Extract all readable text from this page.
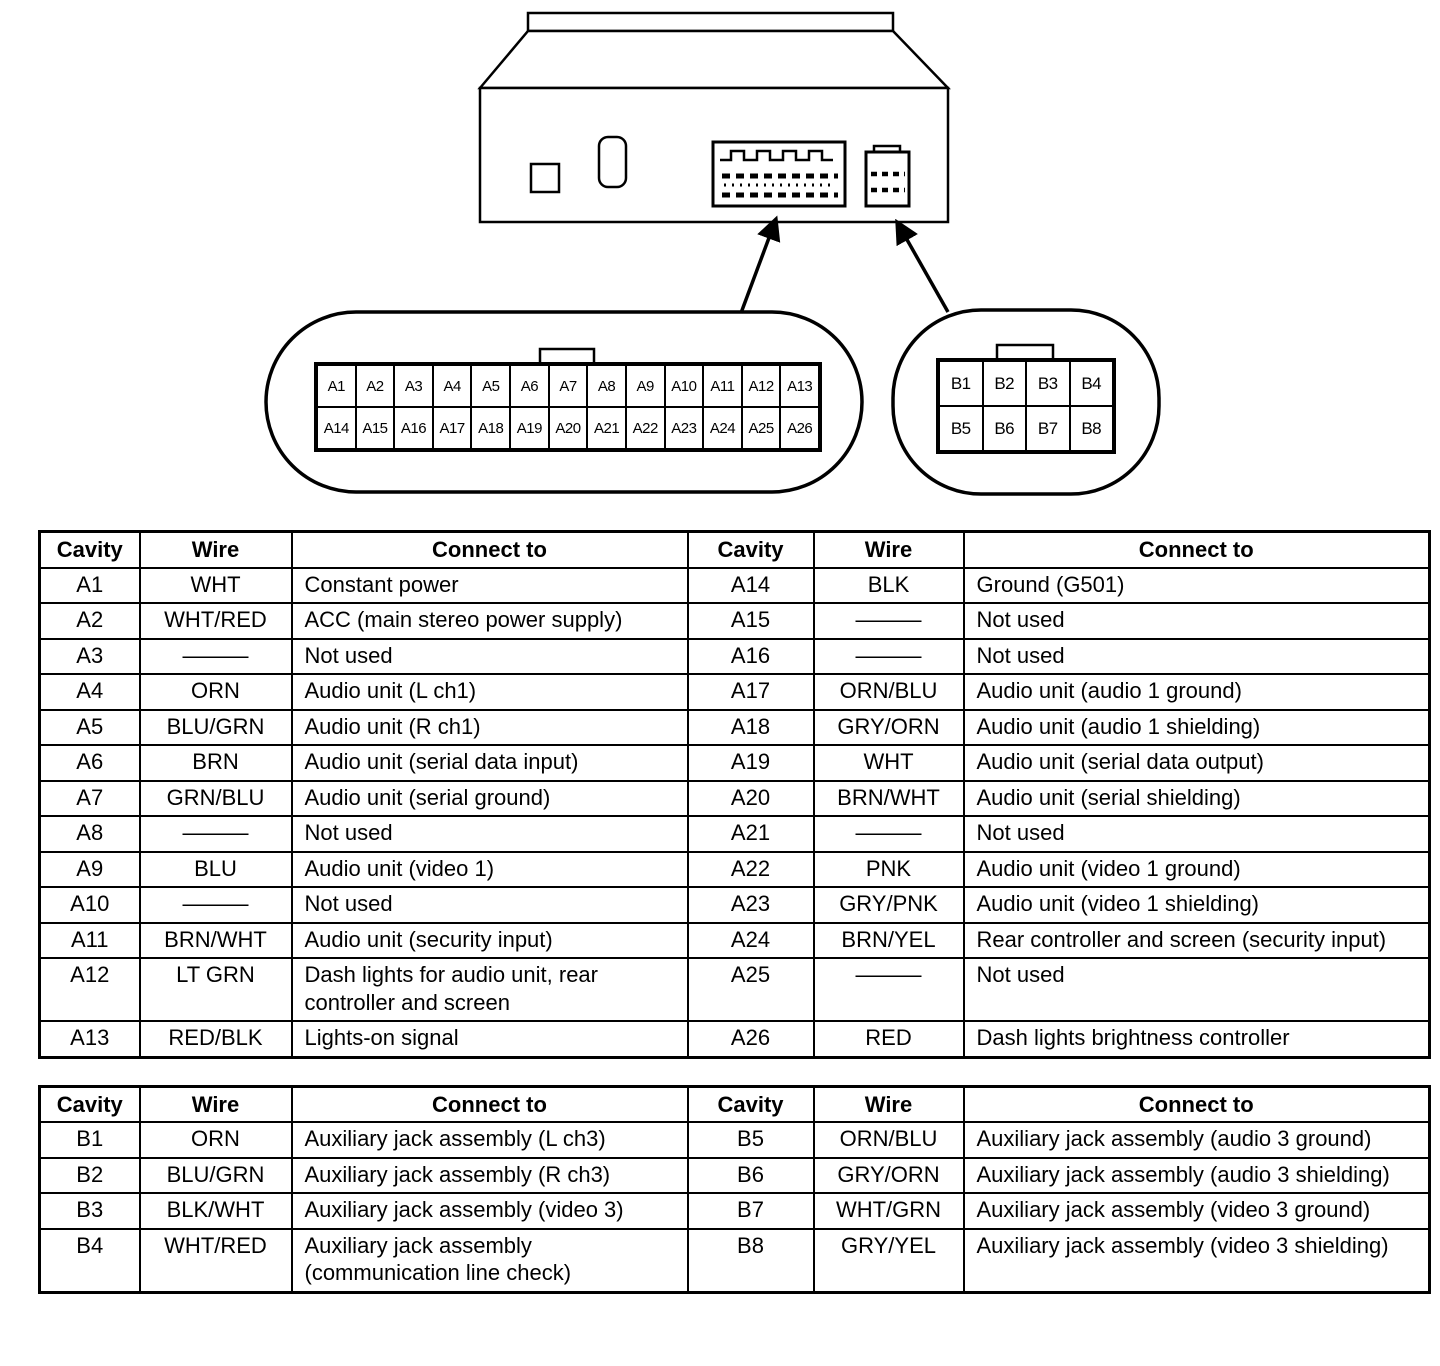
A1	A2	A3	A4	A5	A6	A7	A8	A9	A10 A11 A12 A13
A14 A15 A16 A17 A18 A19 A20 A21 A22 A23 A24 A25 A26
B1	B2	B3	B4
B5	B6	B7	B8
Cavity	Wire	Connect to	Cavity	Wire	Connect to
A1	WHT	Constant power	A14	BLK	Ground (G501)
A2	WHT/RED	ACC (main stereo power supply)	A15	———	Not used
A3	———	Not used	A16	———	Not used
A4	ORN	Audio unit (L ch1)	A17	ORN/BLU	Audio unit (audio 1 ground)
A5	BLU/GRN	Audio unit (R ch1)	A18	GRY/ORN	Audio unit (audio 1 shielding)
A6	BRN	Audio unit (serial data input)	A19	WHT	Audio unit (serial data output)
A7	GRN/BLU	Audio unit (serial ground)	A20	BRN/WHT	Audio unit (serial shielding)
A8	———	Not used	A21	———	Not used
A9	BLU	Audio unit (video 1)	A22	PNK	Audio unit (video 1 ground)
A10	———	Not used	A23	GRY/PNK	Audio unit (video 1 shielding)
A11	BRN/WHT	Audio unit (security input)	A24	BRN/YEL	Rear controller and screen (security input)
A12	LT GRN	Dash lights for audio unit, rear controller and screen	A25	———	Not used
A13	RED/BLK	Lights-on signal	A26	RED	Dash lights brightness controller
Cavity	Wire	Connect to	Cavity	Wire	Connect to
B1	ORN	Auxiliary jack assembly (L ch3)	B5	ORN/BLU	Auxiliary jack assembly (audio 3 ground)
B2	BLU/GRN	Auxiliary jack assembly (R ch3)	B6	GRY/ORN	Auxiliary jack assembly (audio 3 shielding)
B3	BLK/WHT	Auxiliary jack assembly (video 3)	B7	WHT/GRN	Auxiliary jack assembly (video 3 ground)
B4	WHT/RED	Auxiliary jack assembly (communication line check)	B8	GRY/YEL	Auxiliary jack assembly (video 3 shielding)
